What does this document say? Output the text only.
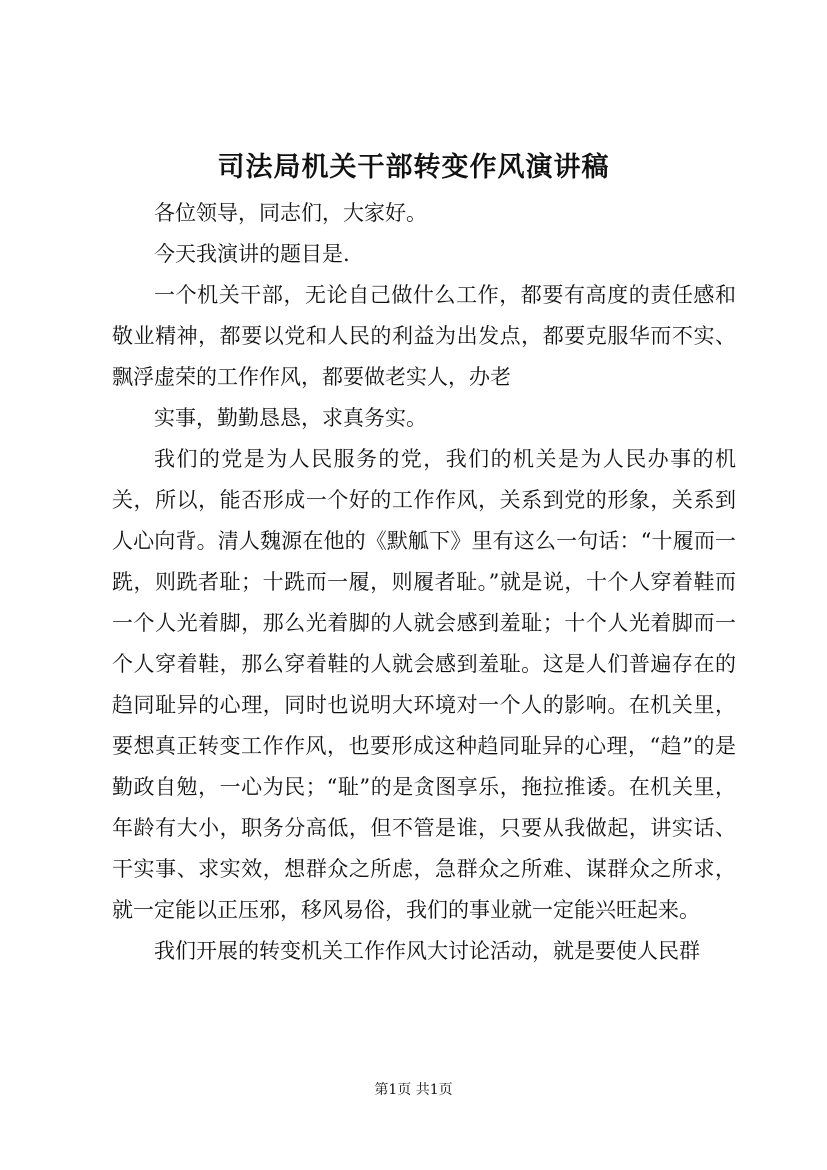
司法局机关干部转变作风演讲稿

各位领导，同志们，大家好。

今天我演讲的题目是.

一个机关干部，无论自己做什么工作，都要有高度的责任感和敬业精神，都要以党和人民的利益为出发点，都要克服华而不实、飘浮虚荣的工作作风，都要做老实人，办老

实事，勤勤恳恳，求真务实。

我们的党是为人民服务的党，我们的机关是为人民办事的机关，所以，能否形成一个好的工作作风，关系到党的形象，关系到人心向背。清人魏源在他的《默觚下》里有这么一句话：“十履而一跣，则跣者耻；十跣而一履，则履者耻。”就是说，十个人穿着鞋而一个人光着脚，那么光着脚的人就会感到羞耻；十个人光着脚而一个人穿着鞋，那么穿着鞋的人就会感到羞耻。这是人们普遍存在的趋同耻异的心理，同时也说明大环境对一个人的影响。在机关里，要想真正转变工作作风，也要形成这种趋同耻异的心理，“趋”的是勤政自勉，一心为民；“耻”的是贪图享乐，拖拉推诿。在机关里，年龄有大小，职务分高低，但不管是谁，只要从我做起，讲实话、干实事、求实效，想群众之所虑，急群众之所难、谋群众之所求，就一定能以正压邪，移风易俗，我们的事业就一定能兴旺起来。

我们开展的转变机关工作作风大讨论活动，就是要使人民群

第1页 共1页
